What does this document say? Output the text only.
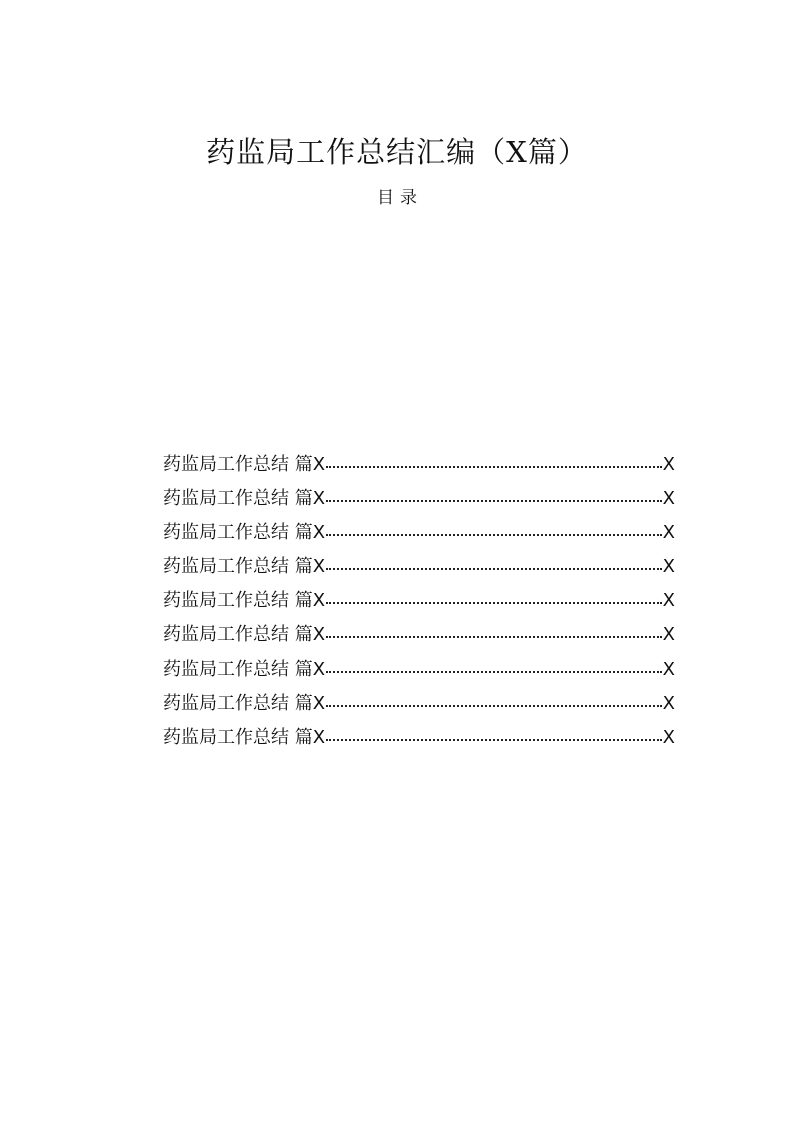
药监局工作总结汇编（X篇）
目录
药监局工作总结 篇X	X
药监局工作总结 篇X	X
药监局工作总结 篇X	X
药监局工作总结 篇X	X
药监局工作总结 篇X	X
药监局工作总结 篇X	X
药监局工作总结 篇X	X
药监局工作总结 篇X	X
药监局工作总结 篇X	X
